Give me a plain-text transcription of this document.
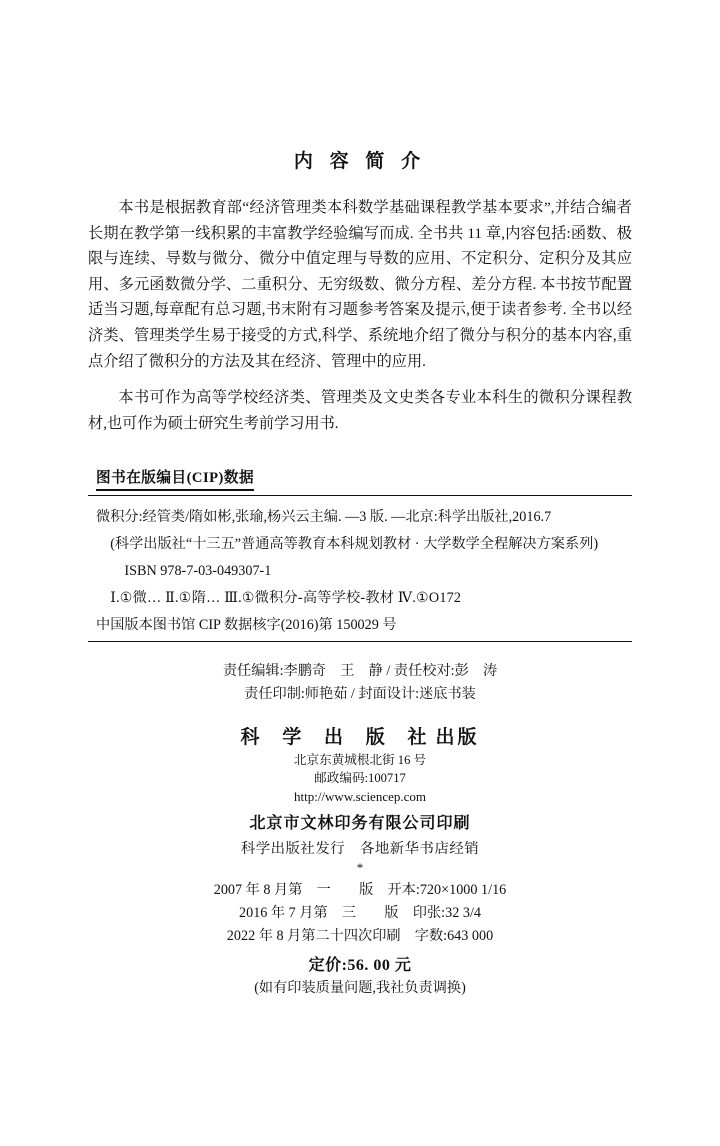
内 容 简 介

本书是根据教育部“经济管理类本科数学基础课程教学基本要求”,并结合编者长期在教学第一线积累的丰富教学经验编写而成. 全书共 11 章,内容包括:函数、极限与连续、导数与微分、微分中值定理与导数的应用、不定积分、定积分及其应用、多元函数微分学、二重积分、无穷级数、微分方程、差分方程. 本书按节配置适当习题,每章配有总习题,书末附有习题参考答案及提示,便于读者参考. 全书以经济类、管理类学生易于接受的方式,科学、系统地介绍了微分与积分的基本内容,重点介绍了微积分的方法及其在经济、管理中的应用.

本书可作为高等学校经济类、管理类及文史类各专业本科生的微积分课程教材,也可作为硕士研究生考前学习用书.

图书在版编目(CIP)数据
微积分:经管类/隋如彬,张瑜,杨兴云主编. —3 版. —北京:科学出版社,2016.7
(科学出版社“十三五”普通高等教育本科规划教材 · 大学数学全程解决方案系列)
ISBN 978-7-03-049307-1
Ⅰ.①微… Ⅱ.①隋… Ⅲ.①微积分-高等学校-教材 Ⅳ.①O172
中国版本图书馆 CIP 数据核字(2016)第 150029 号
责任编辑:李鹏奇　王　静 / 责任校对:彭　涛
责任印制:师艳茹 / 封面设计:迷底书装
科 学 出 版 社出版
北京东黄城根北街 16 号
邮政编码:100717
http://www.sciencep.com
北京市文林印务有限公司印刷
科学出版社发行　各地新华书店经销
*
2007 年 8 月第　一　　版　开本:720×1000 1/16
2016 年 7 月第　三　　版　印张:32 3/4
2022 年 8 月第二十四次印刷　字数:643 000
定价:56. 00 元
(如有印装质量问题,我社负责调换)
